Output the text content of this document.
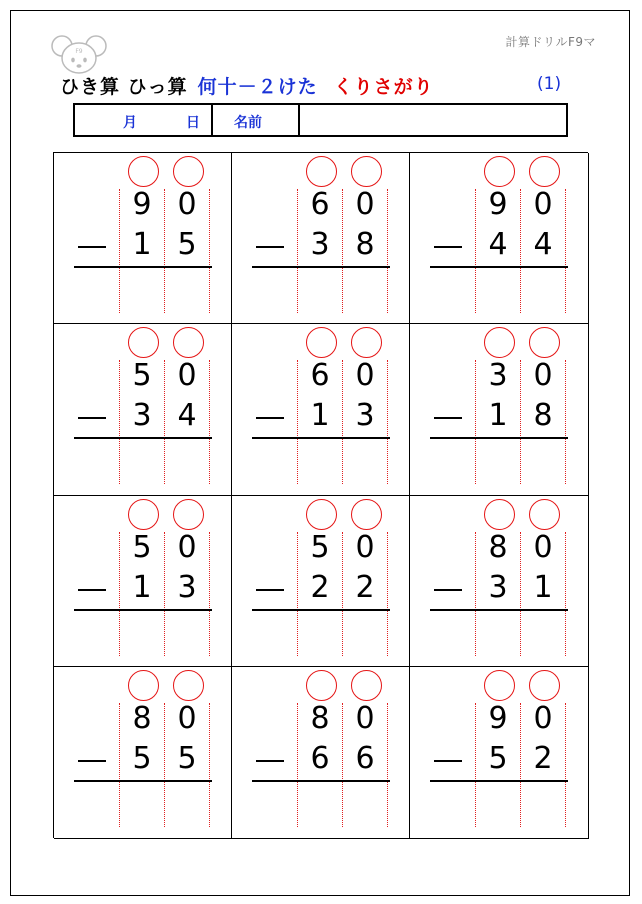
F9
計算ドリルF9マ
ひき算 ひっ算 何十－２けた くりさがり	(1)
月	日 名前
9 0
1 5
6 0
3 8
9 0
4 4
5 0
3 4
6 0
1 3
3 0
1 8
5 0
1 3
5 0
2 2
8 0
3 1
8 0
5 5
8 0
6 6
9 0
5 2
